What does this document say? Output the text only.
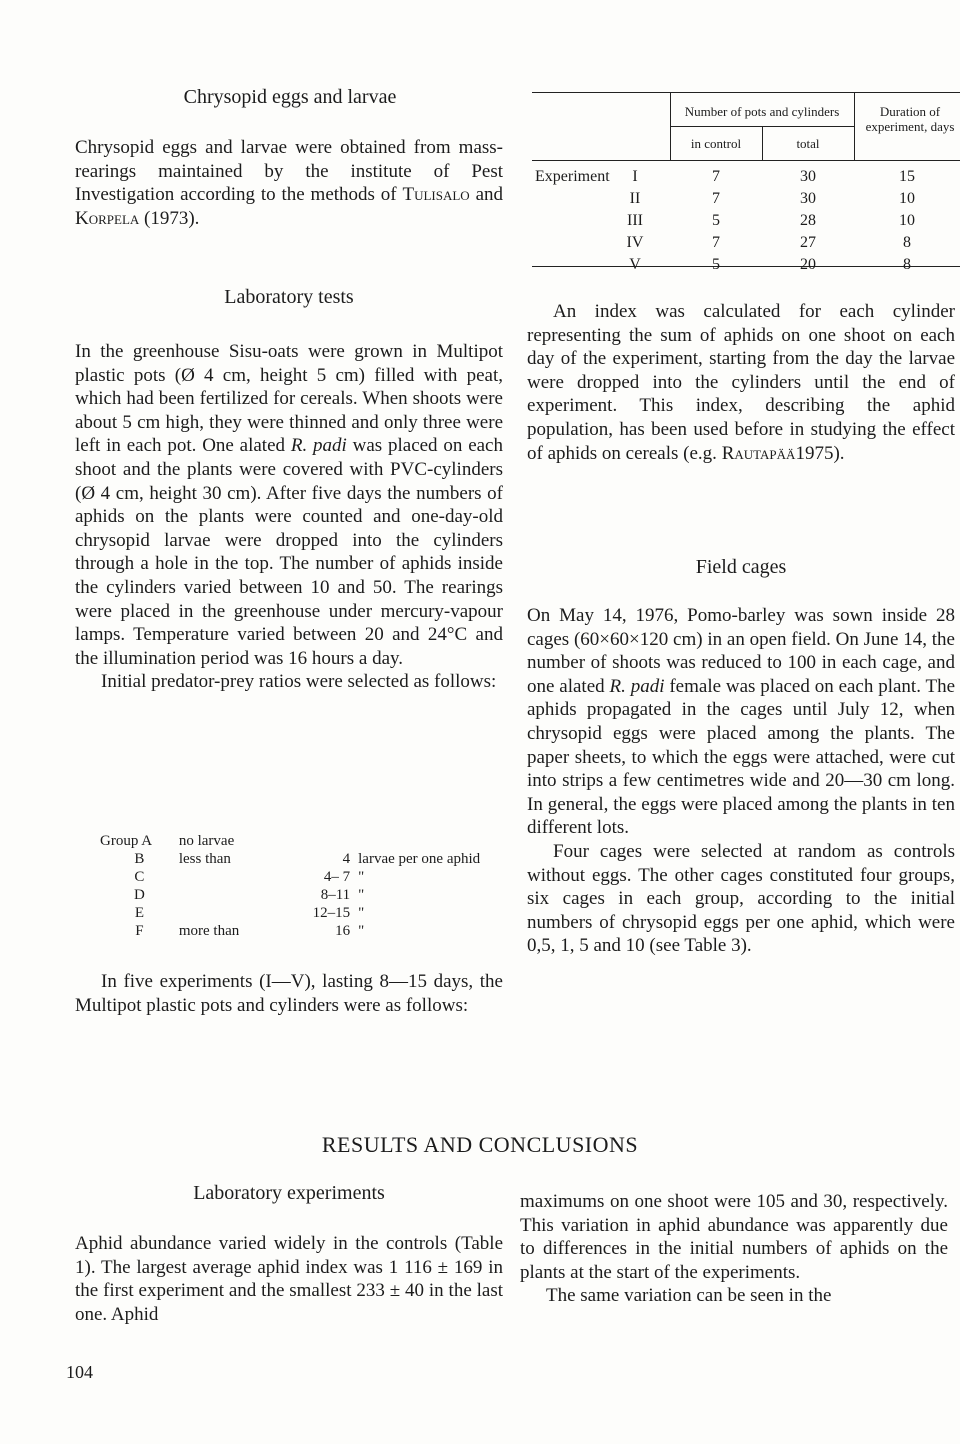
Chrysopid eggs and larvae

Chrysopid eggs and larvae were obtained from mass-rearings maintained by the institute of Pest Investigation according to the methods of Tulisalo and Korpela (1973).

Number of pots and cylinders
in control	total
Duration of experiment, days
Experiment I	7	30	15
II	7	30	10
III	5	28	10
IV	7	27	8
V	5	20	8
Laboratory tests

In the greenhouse Sisu-oats were grown in Multipot plastic pots (Ø 4 cm, height 5 cm) filled with peat, which had been fertilized for cereals. When shoots were about 5 cm high, they were thinned and only three were left in each pot. One alated R. padi was placed on each shoot and the plants were covered with PVC-cylinders (Ø 4 cm, height 30 cm). After five days the numbers of aphids on the plants were counted and one-day-old chrysopid larvae were dropped into the cylinders through a hole in the top. The number of aphids inside the cylinders varied between 10 and 50. The rearings were placed in the greenhouse under mercury-vapour lamps. Temperature varied between 20 and 24°C and the illumination period was 16 hours a day.

Initial predator-prey ratios were selected as follows:

Group A	no larvae		
B	less than	4	larvae per one aphid
C		4– 7	"
D		8–11	"
E		12–15	"
F	more than	16	"

In five experiments (I—V), lasting 8—15 days, the Multipot plastic pots and cylinders were as follows:

An index was calculated for each cylinder representing the sum of aphids on one shoot on each day of the experiment, starting from the day the larvae were dropped into the cylinders until the end of experiment. This index, describing the aphid population, has been used before in studying the effect of aphids on cereals (e.g. Rautapää1975).

Field cages

On May 14, 1976, Pomo-barley was sown inside 28 cages (60×60×120 cm) in an open field. On June 14, the number of shoots was reduced to 100 in each cage, and one alated R. padi female was placed on each plant. The aphids propagated in the cages until July 12, when chrysopid eggs were placed among the plants. The paper sheets, to which the eggs were attached, were cut into strips a few centimetres wide and 20—30 cm long. In general, the eggs were placed among the plants in ten different lots.

Four cages were selected at random as controls without eggs. The other cages constituted four groups, six cages in each group, according to the initial numbers of chrysopid eggs per one aphid, which were 0,5, 1, 5 and 10 (see Table 3).

RESULTS AND CONCLUSIONS
Laboratory experiments

Aphid abundance varied widely in the controls (Table 1). The largest average aphid index was 1 116 ± 169 in the first experiment and the smallest 233 ± 40 in the last one. Aphid

maximums on one shoot were 105 and 30, respectively. This variation in aphid abundance was apparently due to differences in the initial numbers of aphids on the plants at the start of the experiments.

The same variation can be seen in the

104
